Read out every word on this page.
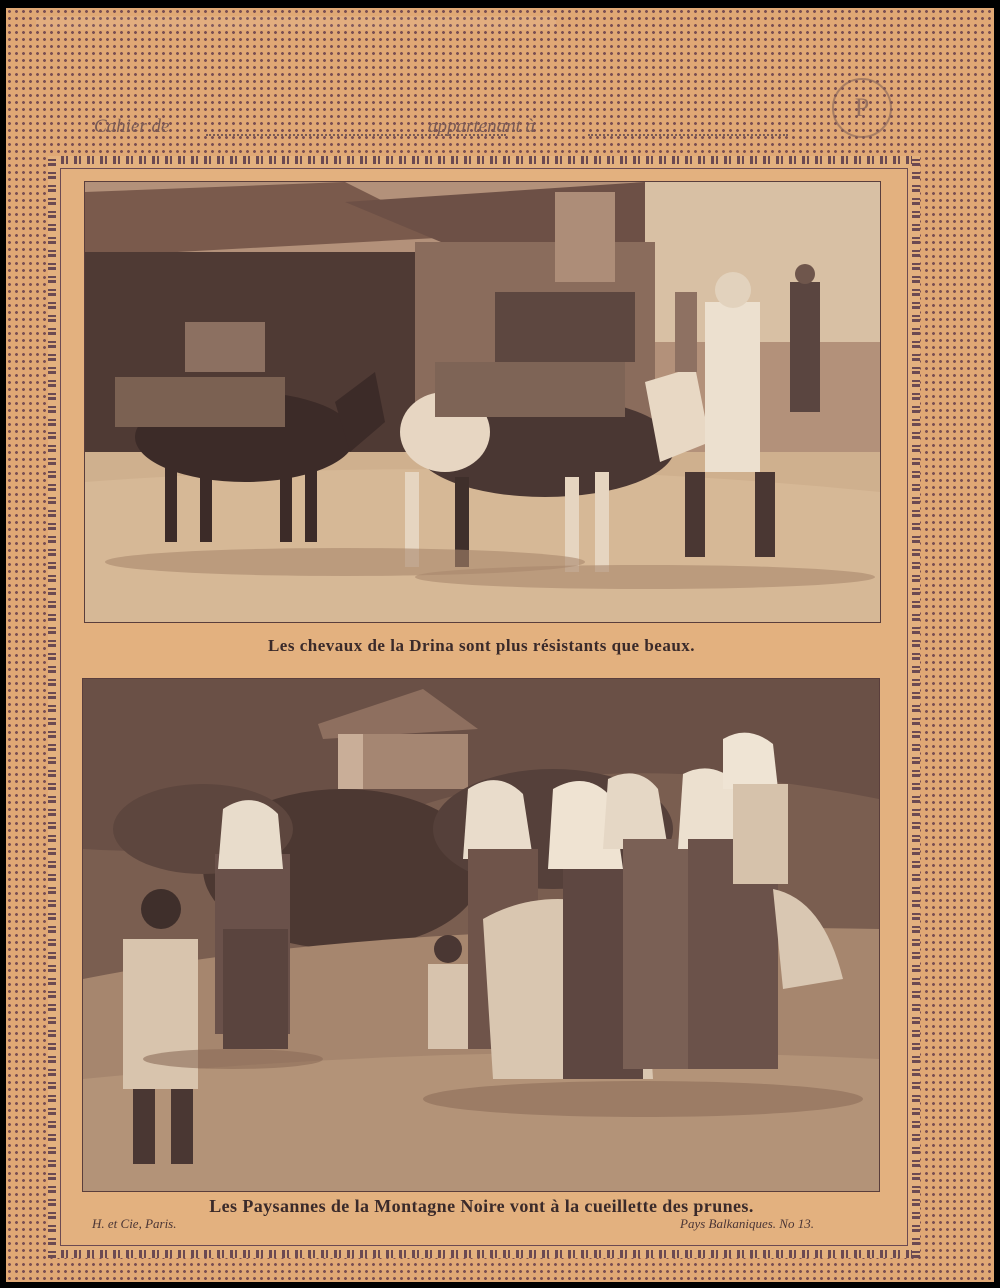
Cahier de	appartenant à
P
Les chevaux de la Drina sont plus résistants que beaux.
Les Paysannes de la Montagne Noire vont à la cueillette des prunes.
H. et Cie, Paris.	Pays Balkaniques. No 13.
